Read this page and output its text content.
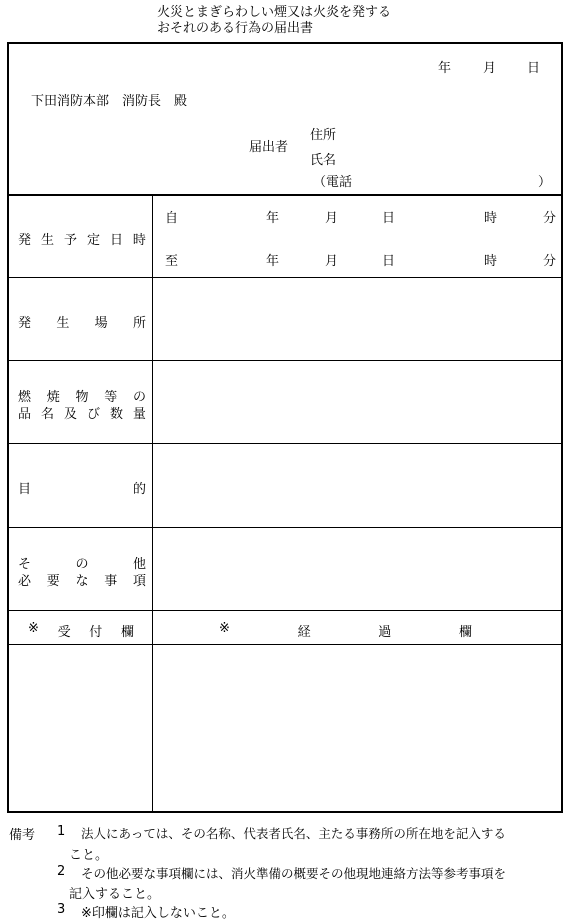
火災とまぎらわしい煙又は火炎を発する
おそれのある行為の届出書
年 月 日
下田消防本部　消防長　殿
届出者
住所
氏名
（電話	）
発 生 予 定 日 時
自	年	月	日	時	分
至	年	月	日	時	分
発 生 場 所
燃 焼 物 等 の
品 名 及 び 数 量
目	的
そ	の	他
必 要 な 事 項
※ 受 付 欄	※	経	過	欄
備考 1 法人にあっては、その名称、代表者氏名、主たる事務所の所在地を記入する
こと。
2 その他必要な事項欄には、消火準備の概要その他現地連絡方法等参考事項を
記入すること。
3 ※印欄は記入しないこと。
